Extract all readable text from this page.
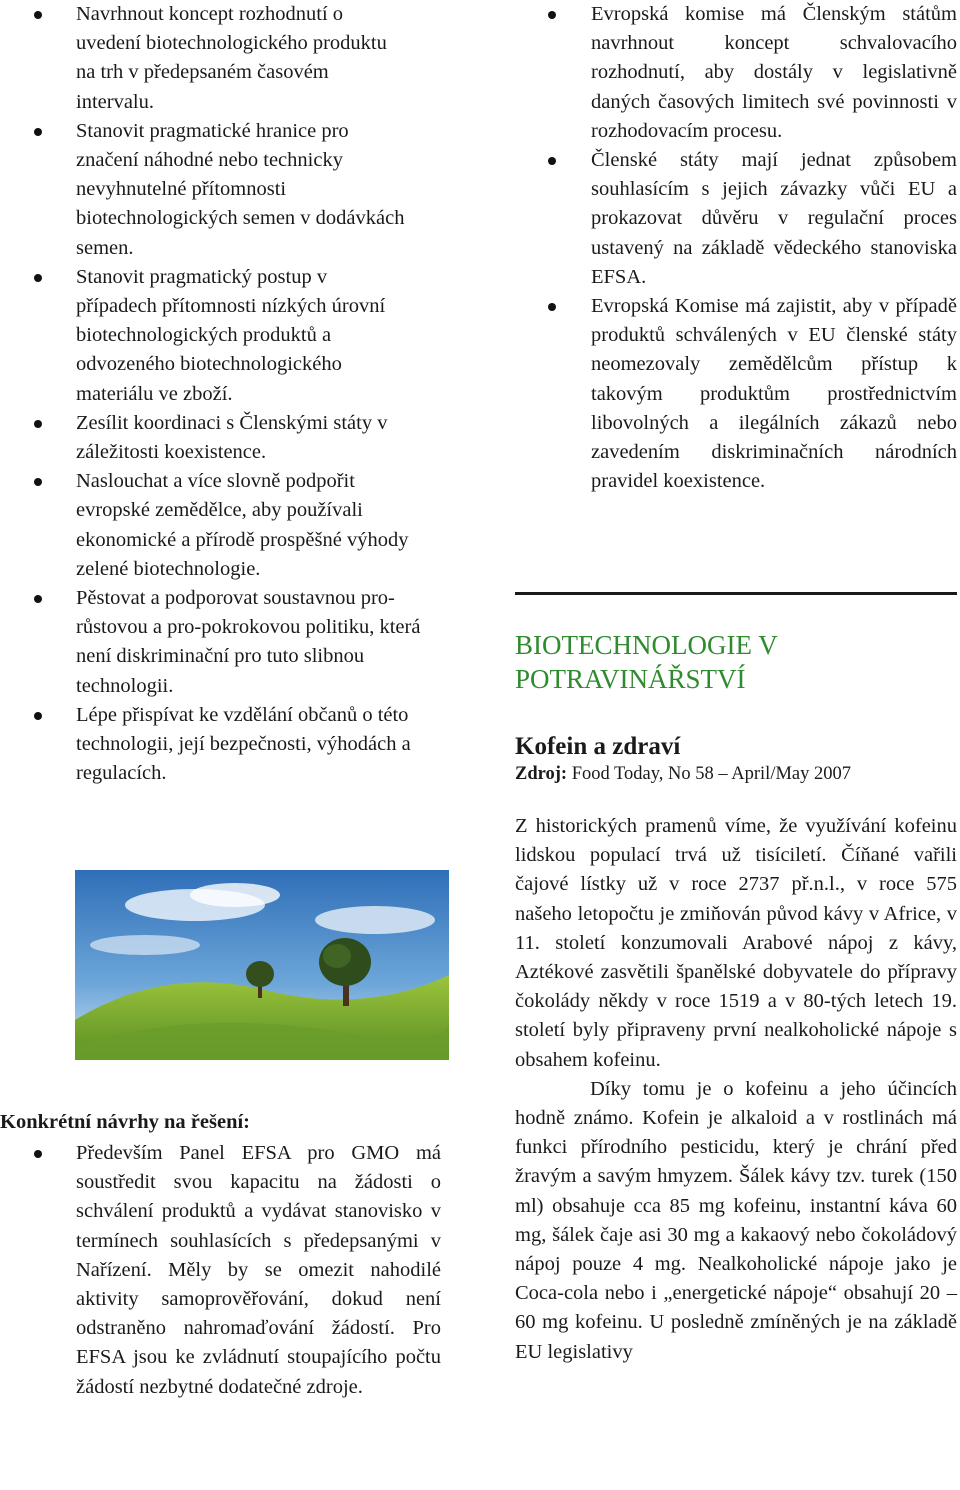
Navrhnout koncept rozhodnutí o uvedení biotechnologického produktu na trh v předepsaném časovém intervalu.
Stanovit pragmatické hranice pro značení náhodné nebo technicky nevyhnutelné přítomnosti biotechnologických semen v dodávkách semen.
Stanovit pragmatický postup v případech přítomnosti nízkých úrovní biotechnologických produktů a odvozeného biotechnologického materiálu ve zboží.
Zesílit koordinaci s Členskými státy v záležitosti koexistence.
Naslouchat a více slovně podpořit evropské zemědělce, aby používali ekonomické a přírodě prospěšné výhody zelené biotechnologie.
Pěstovat a podporovat soustavnou pro-růstovou a pro-pokrokovou politiku, která není diskriminační pro tuto slibnou technologii.
Lépe přispívat ke vzdělání občanů o této technologii, její bezpečnosti, výhodách a regulacích.
Konkrétní návrhy na řešení:
Především Panel EFSA pro GMO má soustředit svou kapacitu na žádosti o schválení produktů a vydávat stanovisko v termínech souhlasících s předepsanými v Nařízení. Měly by se omezit nahodilé aktivity samoprověřování, dokud není odstraněno nahromaďování žádostí. Pro EFSA jsou ke zvládnutí stoupajícího počtu žádostí nezbytné dodatečné zdroje.
Evropská komise má Členským státům navrhnout koncept schvalovacího rozhodnutí, aby dostály v legislativně daných časových limitech své povinnosti v rozhodovacím procesu.
Členské státy mají jednat způsobem souhlasícím s jejich závazky vůči EU a prokazovat důvěru v regulační proces ustavený na základě vědeckého stanoviska EFSA.
Evropská Komise má zajistit, aby v případě produktů schválených v EU členské státy neomezovaly zemědělcům přístup k takovým produktům prostřednictvím libovolných a ilegálních zákazů nebo zavedením diskriminačních národních pravidel koexistence.
BIOTECHNOLOGIE V POTRAVINÁŘSTVÍ
Kofein a zdraví
Zdroj: Food Today, No 58 – April/May 2007

Z historických pramenů víme, že využívání kofeinu lidskou populací trvá už tisíciletí. Číňané vařili čajové lístky už v roce 2737 př.n.l., v roce 575 našeho letopočtu je zmiňován původ kávy v Africe, v 11. století konzumovali Arabové nápoj z kávy, Aztékové zasvětili španělské dobyvatele do přípravy čokolády někdy v roce 1519 a v 80-tých letech 19. století byly připraveny první nealkoholické nápoje s obsahem kofeinu.

Díky tomu je o kofeinu a jeho účincích hodně známo. Kofein je alkaloid a v rostlinách má funkci přírodního pesticidu, který je chrání před žravým a savým hmyzem. Šálek kávy tzv. turek (150 ml) obsahuje cca 85 mg kofeinu, instantní káva 60 mg, šálek čaje asi 30 mg a kakaový nebo čokoládový nápoj pouze 4 mg. Nealkoholické nápoje jako je Coca-cola nebo i „energetické nápoje“ obsahují 20 – 60 mg kofeinu. U posledně zmíněných je na základě EU legislativy
